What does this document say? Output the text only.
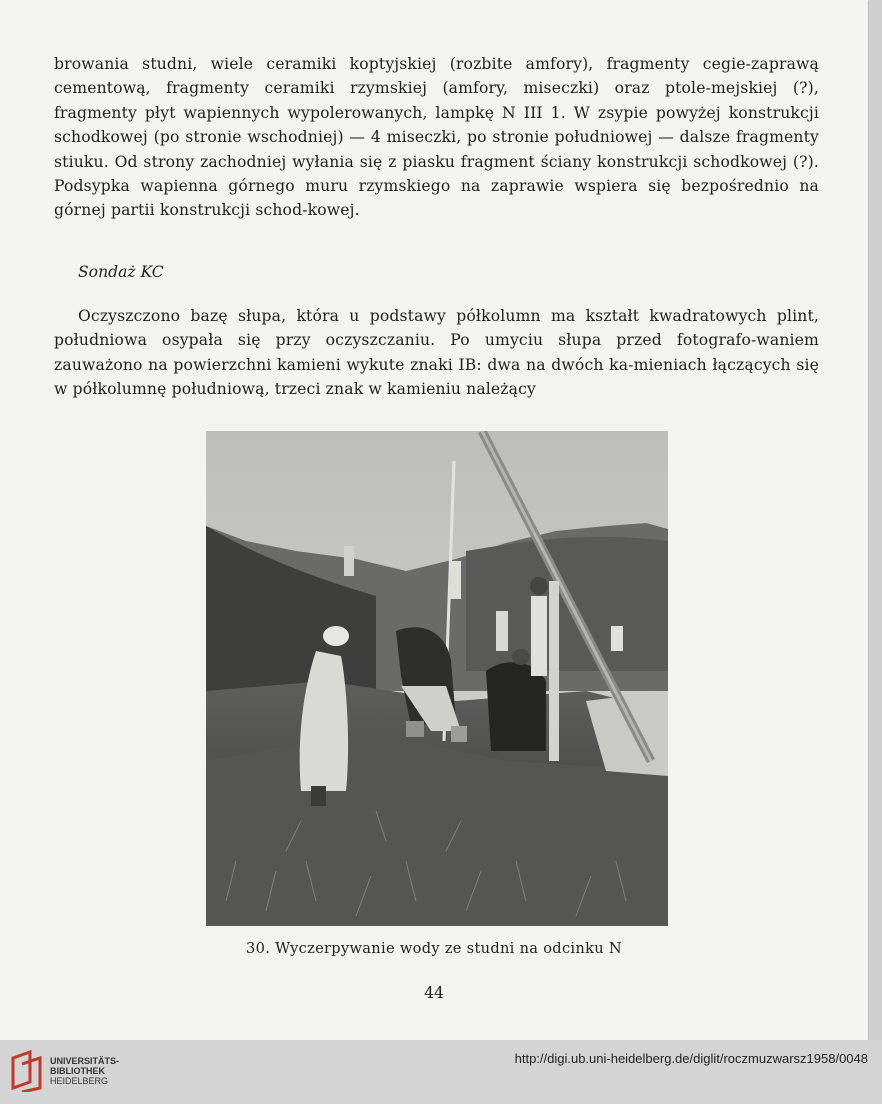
browania studni, wiele ceramiki koptyjskiej (rozbite amfory), fragmenty cegie-zaprawą cementową, fragmenty ceramiki rzymskiej (amfory, miseczki) oraz ptole-mejskiej (?), fragmenty płyt wapiennych wypolerowanych, lampkę N III 1. W zsypie powyżej konstrukcji schodkowej (po stronie wschodniej) — 4 miseczki, po stronie południowej — dalsze fragmenty stiuku. Od strony zachodniej wyłania się z piasku fragment ściany konstrukcji schodkowej (?). Podsypka wapienna górnego muru rzymskiego na zaprawie wspiera się bezpośrednio na górnej partii konstrukcji schod-kowej.

Sondaż KC

Oczyszczono bazę słupa, która u podstawy półkolumn ma kształt kwadratowych plint, południowa osypała się przy oczyszczaniu. Po umyciu słupa przed fotografo-waniem zauważono na powierzchni kamieni wykute znaki IB: dwa na dwóch ka-mieniach łączących się w półkolumnę południową, trzeci znak w kamieniu należący

30. Wyczerpywanie wody ze studni na odcinku N
44
UNIVERSITÄTS-
BIBLIOTHEK
HEIDELBERG
http://digi.ub.uni-heidelberg.de/diglit/roczmuzwarsz1958/0048
